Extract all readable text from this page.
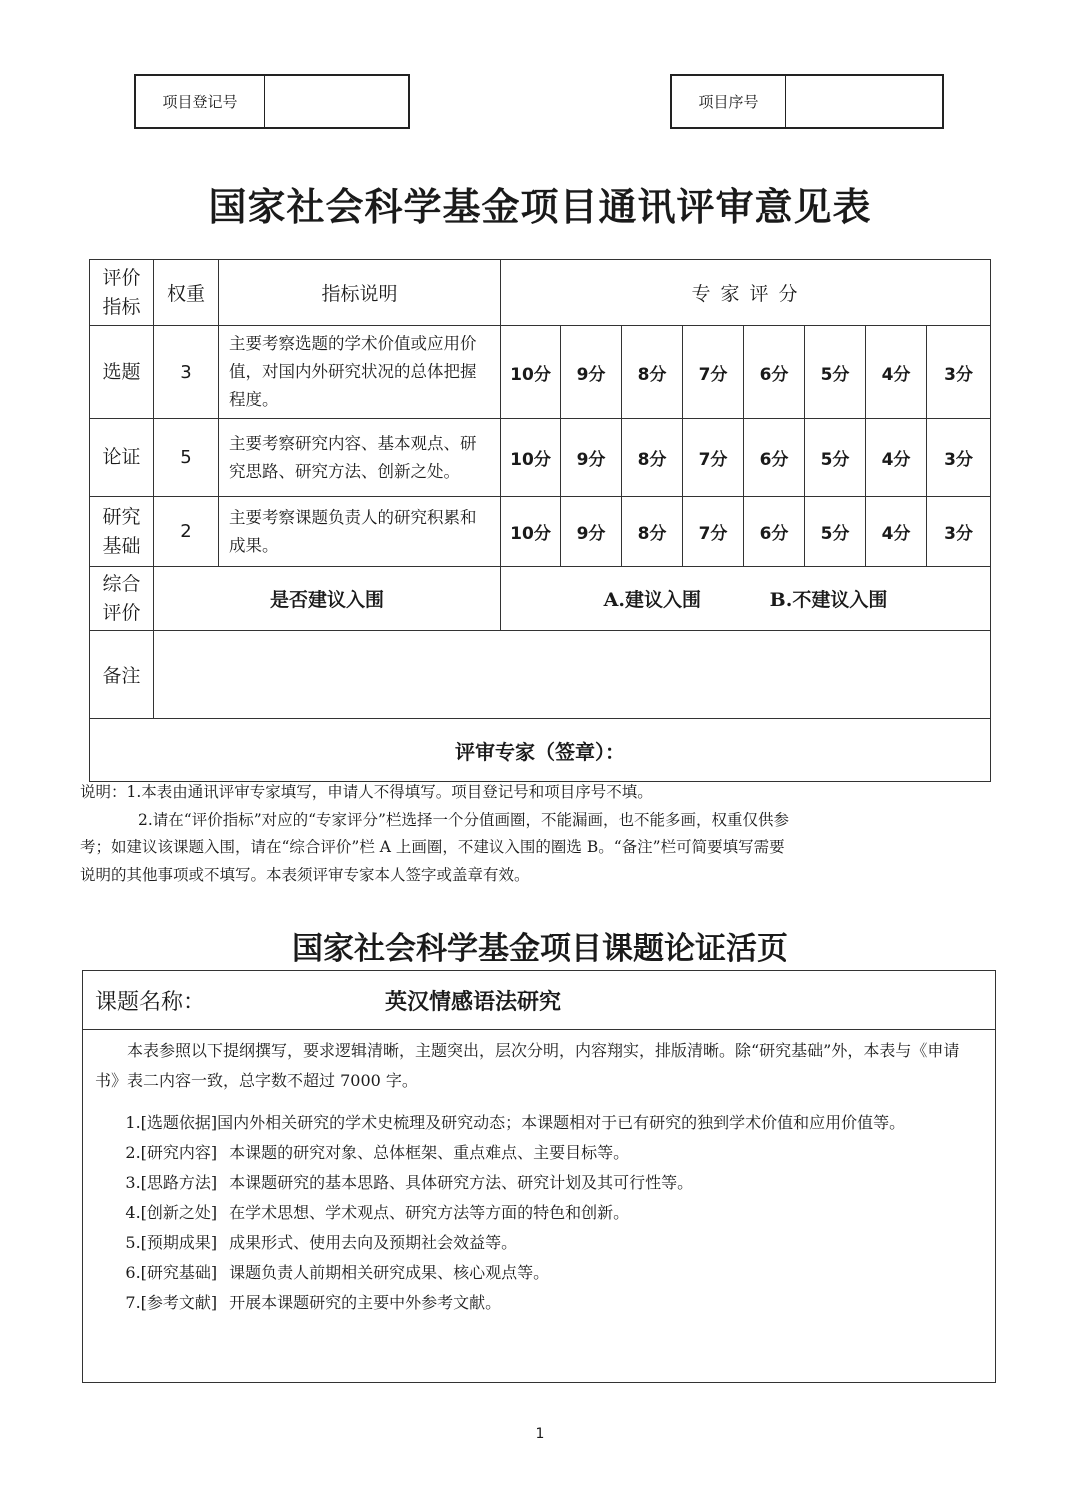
项目登记号	项目序号
国家社会科学基金项目通讯评审意见表
评价
指标	权重	指标说明	专 家 评 分							

选题	3	主要考察选题的学术价值或应用价值，对国内外研究状况的总体把握程度。	10分	9分	8分	7分	6分	5分	4分	3分

论证	5	主要考察研究内容、基本观点、研究思路、研究方法、创新之处。	10分	9分	8分	7分	6分	5分	4分	3分

研究
基础	2	主要考察课题负责人的研究积累和成果。	10分	9分	8分	7分	6分	5分	4分	3分

综合
评价	是否建议入围		A.建议入围 B.不建议入围							
备注										
评审专家（签章）：										

说明：1.本表由通讯评审专家填写，申请人不得填写。项目登记号和项目序号不填。

2.请在“评价指标”对应的“专家评分”栏选择一个分值画圈，不能漏画，也不能多画，权重仅供参

考；如建议该课题入围，请在“综合评价”栏 A 上画圈，不建议入围的圈选 B。“备注”栏可简要填写需要

说明的其他事项或不填写。本表须评审专家本人签字或盖章有效。

国家社会科学基金项目课题论证活页
课题名称：	英汉情感语法研究

本表参照以下提纲撰写，要求逻辑清晰，主题突出，层次分明，内容翔实，排版清晰。除“研究基础”外，本表与《申请书》表二内容一致，总字数不超过 7000 字。

1.[选题依据]国内外相关研究的学术史梳理及研究动态；本课题相对于已有研究的独到学术价值和应用价值等。

2.[研究内容] 本课题的研究对象、总体框架、重点难点、主要目标等。

3.[思路方法] 本课题研究的基本思路、具体研究方法、研究计划及其可行性等。

4.[创新之处] 在学术思想、学术观点、研究方法等方面的特色和创新。

5.[预期成果] 成果形式、使用去向及预期社会效益等。

6.[研究基础] 课题负责人前期相关研究成果、核心观点等。

7.[参考文献] 开展本课题研究的主要中外参考文献。

1
